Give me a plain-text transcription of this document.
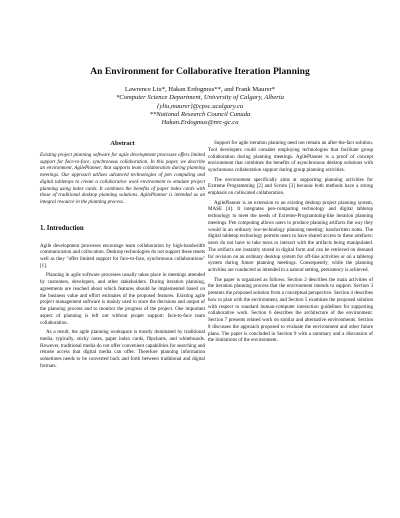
An Environment for Collaborative Iteration Planning
Lawrence Liu*, Hakan Erdogmus**, and Frank Maurer*
*Computer Science Department, University of Calgary, Alberta
{yliu,maurer}@cpsc.ucalgary.ca
**National Research Council Canada
Hakan.Erdogmus@nrc-gc.ca
Abstract

Existing project planning software for agile development processes offers limited support for face-to-face, synchronous collaboration. In this paper, we describe an environment, AgilePlanner, that supports team collaboration during planning meetings. Our approach utilizes advanced technologies of pen computing and digital tabletops to create a collaborative work environment to emulate project planning using index cards. It combines the benefits of paper index cards with those of traditional desktop planning solutions. AgilePlanner is intended as an integral resource in the planning process.

1. Introduction

Agile development processes encourage team collaboration by high-bandwidth communication and collocation. Desktop technologies do not support these tenets well as they "offer limited support for face-to-face, synchronous collaborations" [1].

Planning in agile software processes usually takes place in meetings attended by customers, developers, and other stakeholders. During iteration planning, agreements are reached about which features should be implemented based on the business value and effort estimates of the proposed features. Existing agile project management software is mainly used to store the decisions and output of the planning process and to monitor the progress of the project. One important aspect of planning is left out without proper support: face-to-face team collaboration.

As a result, the agile planning workspace is mostly dominated by traditional media, typically, sticky notes, paper index cards, flipcharts, and whiteboards. However, traditional media do not offer convenient capabilities for searching and remote access that digital media can offer. Therefore planning information sometimes needs to be converted back and forth between traditional and digital formats.

Support for agile iteration planning need not remain an after-the-fact solution. Tool developers could consider employing technologies that facilitate group collaboration during planning meetings. AgilePlanner is a proof of concept environment that combines the benefits of asynchronous desktop solutions with synchronous collaboration support during group planning activities.

The environment specifically aims at supporting planning activities for Extreme Programming [2] and Scrum [3] because both methods have a strong emphasis on collocated collaboration.

AgilePlanner is an extension to an existing desktop project planning system, MASE [4]. It integrates pen-computing technology and digital tabletop technology to meet the needs of Extreme-Programming-like iteration planning meetings. Pen computing allows users to produce planning artifacts the way they would in an ordinary low-technology planning meeting: handwritten notes. The digital tabletop technology permits users to have shared access to these artefacts: users do not have to take turns to interact with the artifacts being manipulated. The artifacts are instantly stored in digital form and can be retrieved on demand for revision on an ordinary desktop system for off-line activities or on a tabletop system during future planning meetings. Consequently, while the planning activities are conducted as intended in a natural setting, persistency is achieved.

The paper is organized as follows. Section 2 describes the main activities of the iteration planning process that the environment intends to support. Section 3 presents the proposed solution from a conceptual perspective. Section 4 describes how to plan with the environment, and Section 5 examines the proposed solution with respect to standard human-computer interaction guidelines for supporting collaborative work. Section 6 describes the architecture of the environment. Section 7 presents related work on similar and alternative environments. Section 8 discusses the approach proposed to evaluate the environment and other future plans. The paper is concluded in Section 9 with a summary and a discussion of the limitations of the environment.
